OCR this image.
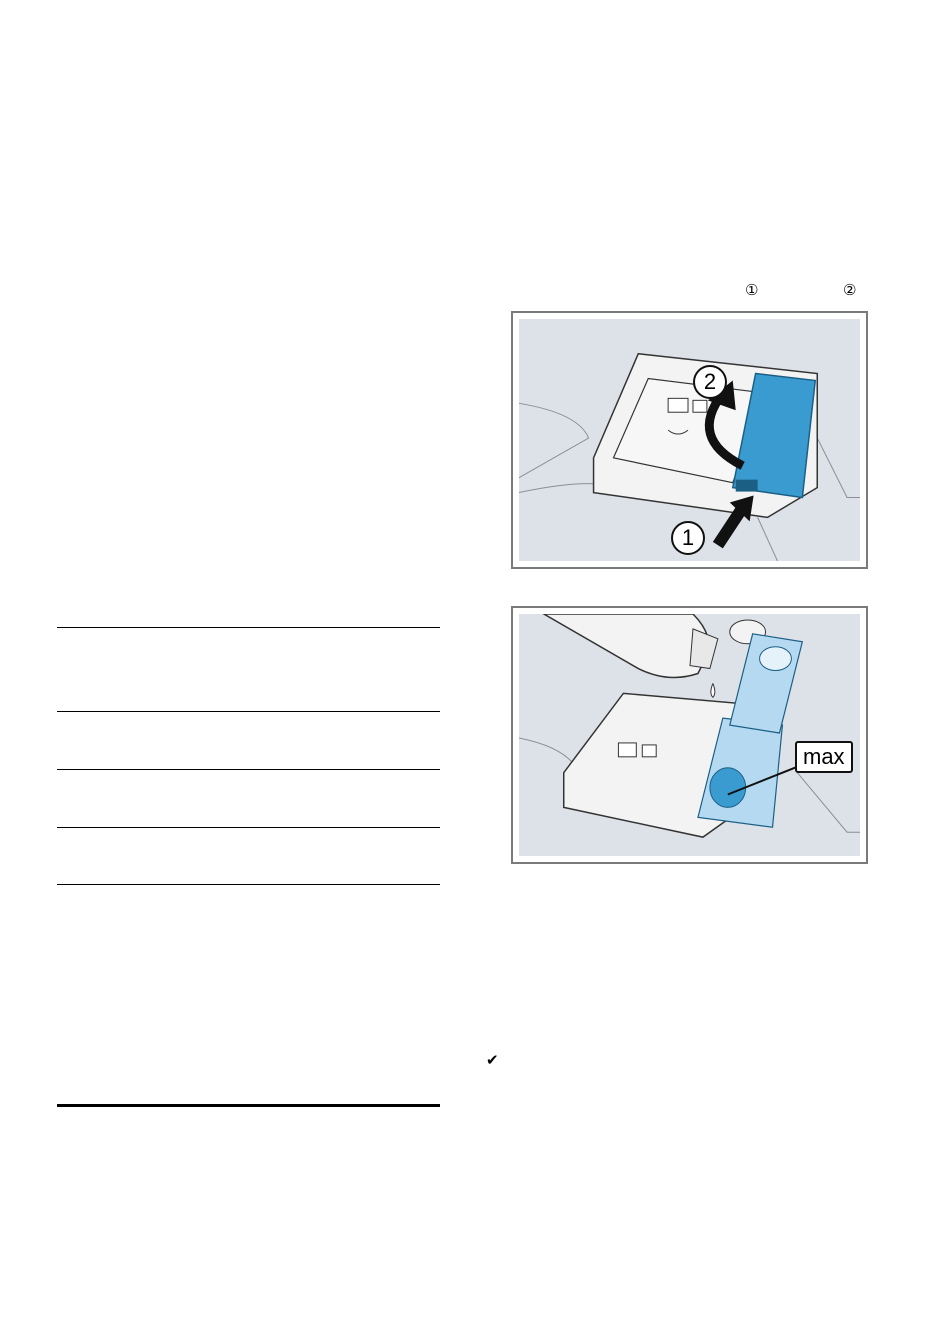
①	②
2
1
max
✔
